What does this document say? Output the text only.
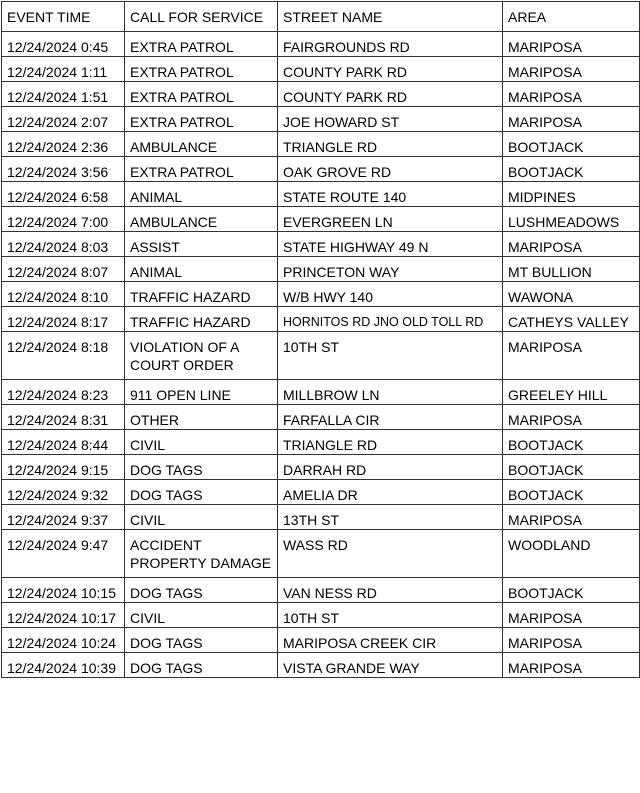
EVENT TIME	CALL FOR SERVICE	STREET NAME	AREA
12/24/2024 0:45	EXTRA PATROL	FAIRGROUNDS RD	MARIPOSA
12/24/2024 1:11	EXTRA PATROL	COUNTY PARK RD	MARIPOSA
12/24/2024 1:51	EXTRA PATROL	COUNTY PARK RD	MARIPOSA
12/24/2024 2:07	EXTRA PATROL	JOE HOWARD ST	MARIPOSA
12/24/2024 2:36	AMBULANCE	TRIANGLE RD	BOOTJACK
12/24/2024 3:56	EXTRA PATROL	OAK GROVE RD	BOOTJACK
12/24/2024 6:58	ANIMAL	STATE ROUTE 140	MIDPINES
12/24/2024 7:00	AMBULANCE	EVERGREEN LN	LUSHMEADOWS
12/24/2024 8:03	ASSIST	STATE HIGHWAY 49 N	MARIPOSA
12/24/2024 8:07	ANIMAL	PRINCETON WAY	MT BULLION
12/24/2024 8:10	TRAFFIC HAZARD	W/B HWY 140	WAWONA
12/24/2024 8:17	TRAFFIC HAZARD	HORNITOS RD JNO OLD TOLL RD	CATHEYS VALLEY
12/24/2024 8:18	VIOLATION OF A COURT ORDER	10TH ST	MARIPOSA
12/24/2024 8:23	911 OPEN LINE	MILLBROW LN	GREELEY HILL
12/24/2024 8:31	OTHER	FARFALLA CIR	MARIPOSA
12/24/2024 8:44	CIVIL	TRIANGLE RD	BOOTJACK
12/24/2024 9:15	DOG TAGS	DARRAH RD	BOOTJACK
12/24/2024 9:32	DOG TAGS	AMELIA DR	BOOTJACK
12/24/2024 9:37	CIVIL	13TH ST	MARIPOSA
12/24/2024 9:47	ACCIDENT PROPERTY DAMAGE	WASS RD	WOODLAND
12/24/2024 10:15	DOG TAGS	VAN NESS RD	BOOTJACK
12/24/2024 10:17	CIVIL	10TH ST	MARIPOSA
12/24/2024 10:24	DOG TAGS	MARIPOSA CREEK CIR	MARIPOSA
12/24/2024 10:39	DOG TAGS	VISTA GRANDE WAY	MARIPOSA
